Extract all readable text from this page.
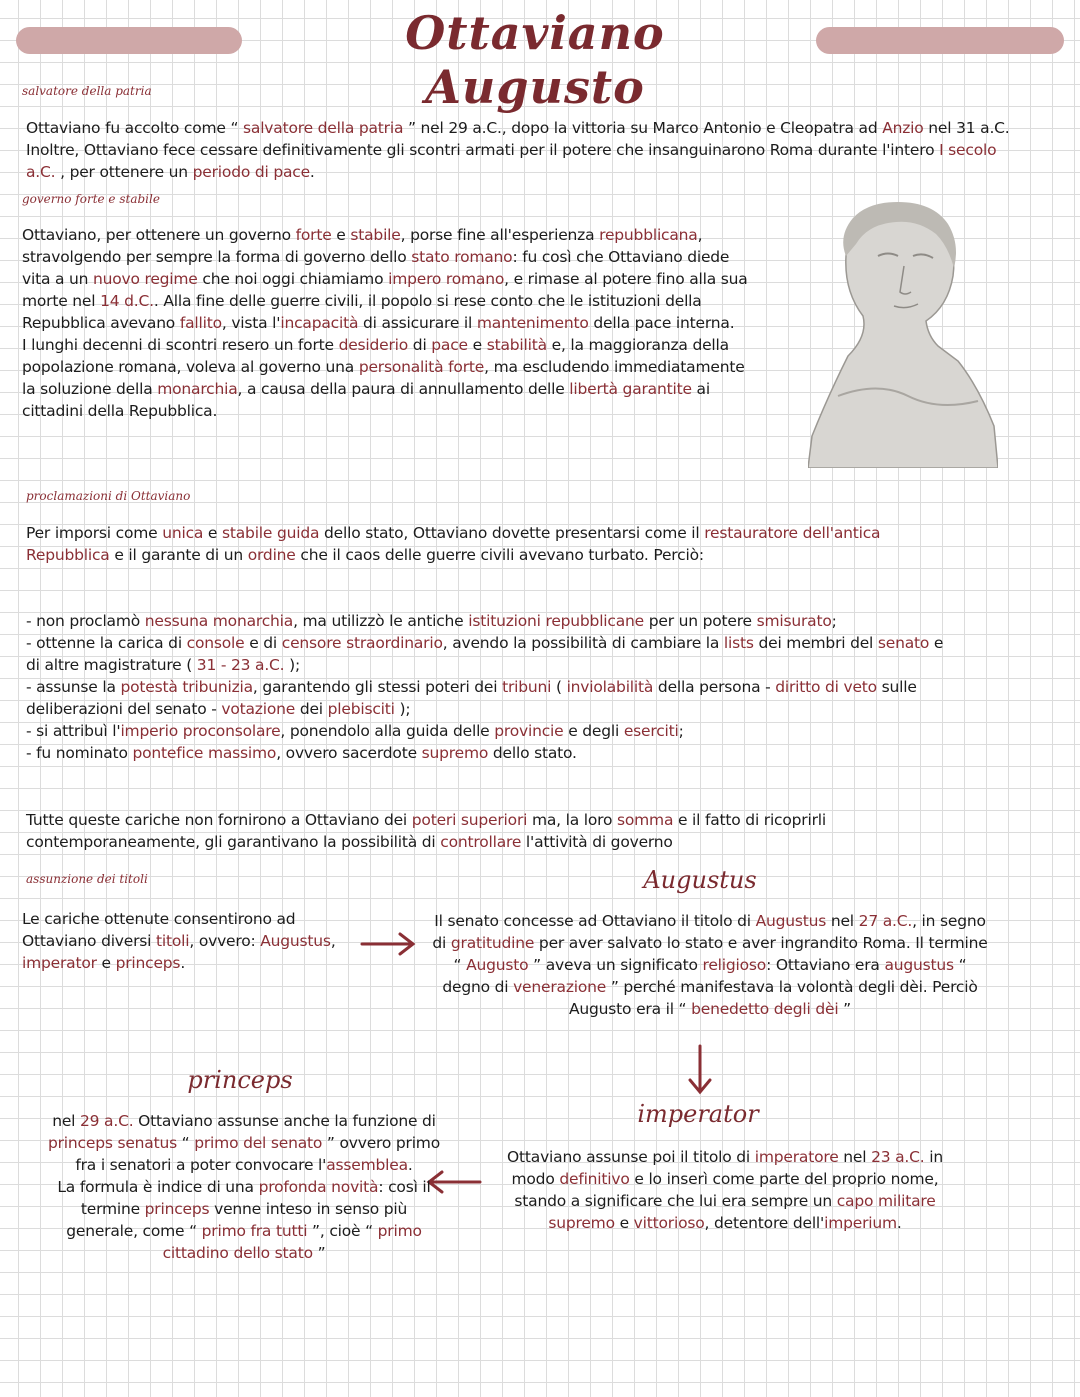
Ottaviano Augusto
salvatore della patria
Ottaviano fu accolto come “ salvatore della patria ” nel 29 a.C., dopo la vittoria su Marco Antonio e Cleopatra ad Anzio nel 31 a.C. Inoltre, Ottaviano fece cessare definitivamente gli scontri armati per il potere che insanguinarono Roma durante l'intero I secolo a.C. , per ottenere un periodo di pace.
governo forte e stabile
Ottaviano, per ottenere un governo forte e stabile, porse fine all'esperienza repubblicana, stravolgendo per sempre la forma di governo dello stato romano: fu così che Ottaviano diede vita a un nuovo regime che noi oggi chiamiamo impero romano, e rimase al potere fino alla sua morte nel 14 d.C.. Alla fine delle guerre civili, il popolo si rese conto che le istituzioni della Repubblica avevano fallito, vista l'incapacità di assicurare il mantenimento della pace interna.
I lunghi decenni di scontri resero un forte desiderio di pace e stabilità e, la maggioranza della popolazione romana, voleva al governo una personalità forte, ma escludendo immediatamente la soluzione della monarchia, a causa della paura di annullamento delle libertà garantite ai cittadini della Repubblica.
proclamazioni di Ottaviano
Per imporsi come unica e stabile guida dello stato, Ottaviano dovette presentarsi come il restauratore dell'antica Repubblica e il garante di un ordine che il caos delle guerre civili avevano turbato. Perciò:

- non proclamò nessuna monarchia, ma utilizzò le antiche istituzioni repubblicane per un potere smisurato;

- ottenne la carica di console e di censore straordinario, avendo la possibilità di cambiare la lists dei membri del senato e di altre magistrature ( 31 - 23 a.C. );

- assunse la potestà tribunizia, garantendo gli stessi poteri dei tribuni ( inviolabilità della persona - diritto di veto sulle deliberazioni del senato - votazione dei plebisciti );

- si attribuì l'imperio proconsolare, ponendolo alla guida delle provincie e degli eserciti;

- fu nominato pontefice massimo, ovvero sacerdote supremo dello stato.

Tutte queste cariche non fornirono a Ottaviano dei poteri superiori ma, la loro somma e il fatto di ricoprirli contemporaneamente, gli garantivano la possibilità di controllare l'attività di governo
assunzione dei titoli
Le cariche ottenute consentirono ad Ottaviano diversi titoli, ovvero: Augustus, imperator e princeps.
Augustus
Il senato concesse ad Ottaviano il titolo di Augustus nel 27 a.C., in segno di gratitudine per aver salvato lo stato e aver ingrandito Roma. Il termine “ Augusto ” aveva un significato religioso: Ottaviano era augustus “ degno di venerazione ” perché manifestava la volontà degli dèi. Perciò Augusto era il “ benedetto degli dèi ”
imperator
Ottaviano assunse poi il titolo di imperatore nel 23 a.C. in modo definitivo e lo inserì come parte del proprio nome, stando a significare che lui era sempre un capo militare supremo e vittorioso, detentore dell'imperium.
princeps
nel 29 a.C. Ottaviano assunse anche la funzione di princeps senatus “ primo del senato ” ovvero primo fra i senatori a poter convocare l'assemblea.
La formula è indice di una profonda novità: così il termine princeps venne inteso in senso più generale, come “ primo fra tutti ”, cioè “ primo cittadino dello stato ”
